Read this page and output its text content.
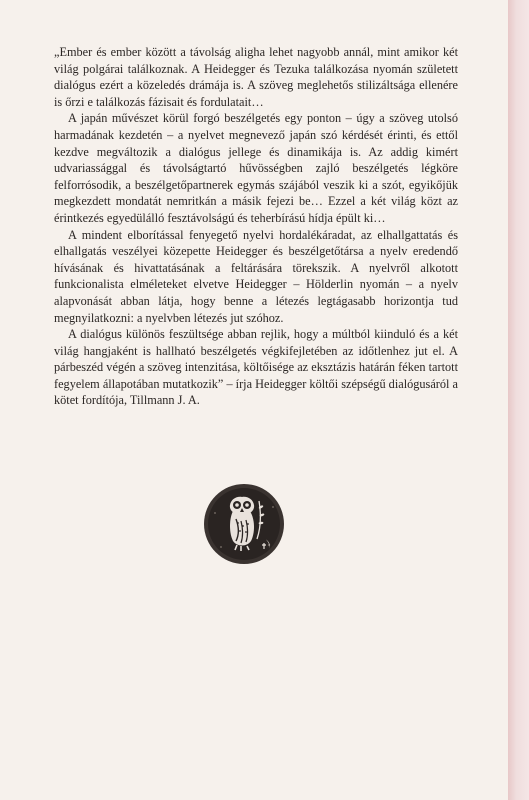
„Ember és ember között a távolság aligha lehet nagyobb annál, mint amikor két világ polgárai találkoznak. A Heidegger és Tezuka találkozása nyomán született dialógus ezért a közeledés drámája is. A szöveg meglehetős stilizáltsága ellenére is őrzi e találkozás fázisait és fordulatait…

A japán művészet körül forgó beszélgetés egy ponton – úgy a szöveg utolsó harmadának kezdetén – a nyelvet megnevező japán szó kérdését érinti, és ettől kezdve megváltozik a dialógus jellege és dinamikája is. Az addig kimért udvariassággal és távolságtartó hűvösségben zajló beszélgetés légköre felforrósodik, a beszélgetőpartnerek egymás szájából veszik ki a szót, egyikőjük megkezdett mondatát nemritkán a másik fejezi be… Ezzel a két világ közt az érintkezés egyedülálló fesztávolságú és teherbírású hídja épült ki…

A mindent elborítással fenyegető nyelvi hordalékáradat, az elhallgattatás és elhallgatás veszélyei közepette Heidegger és beszélgetőtársa a nyelv eredendő hívásának és hivattatásának a feltárására törekszik. A nyelvről alkotott funkcionalista elméleteket elvetve Heidegger – Hölderlin nyomán – a nyelv alapvonását abban látja, hogy benne a létezés legtágasabb horizontja tud megnyilatkozni: a nyelvben létezés jut szóhoz.

A dialógus különös feszültsége abban rejlik, hogy a múltból kiinduló és a két világ hangjaként is hallható beszélgetés végkifejletében az időtlenhez jut el. A párbeszéd végén a szöveg intenzitása, költőisége az eksztázis határán féken tartott fegyelem állapotában mutatkozik” – írja Heidegger költői szépségű dialógusáról a kötet fordítója, Tillmann J. A.
